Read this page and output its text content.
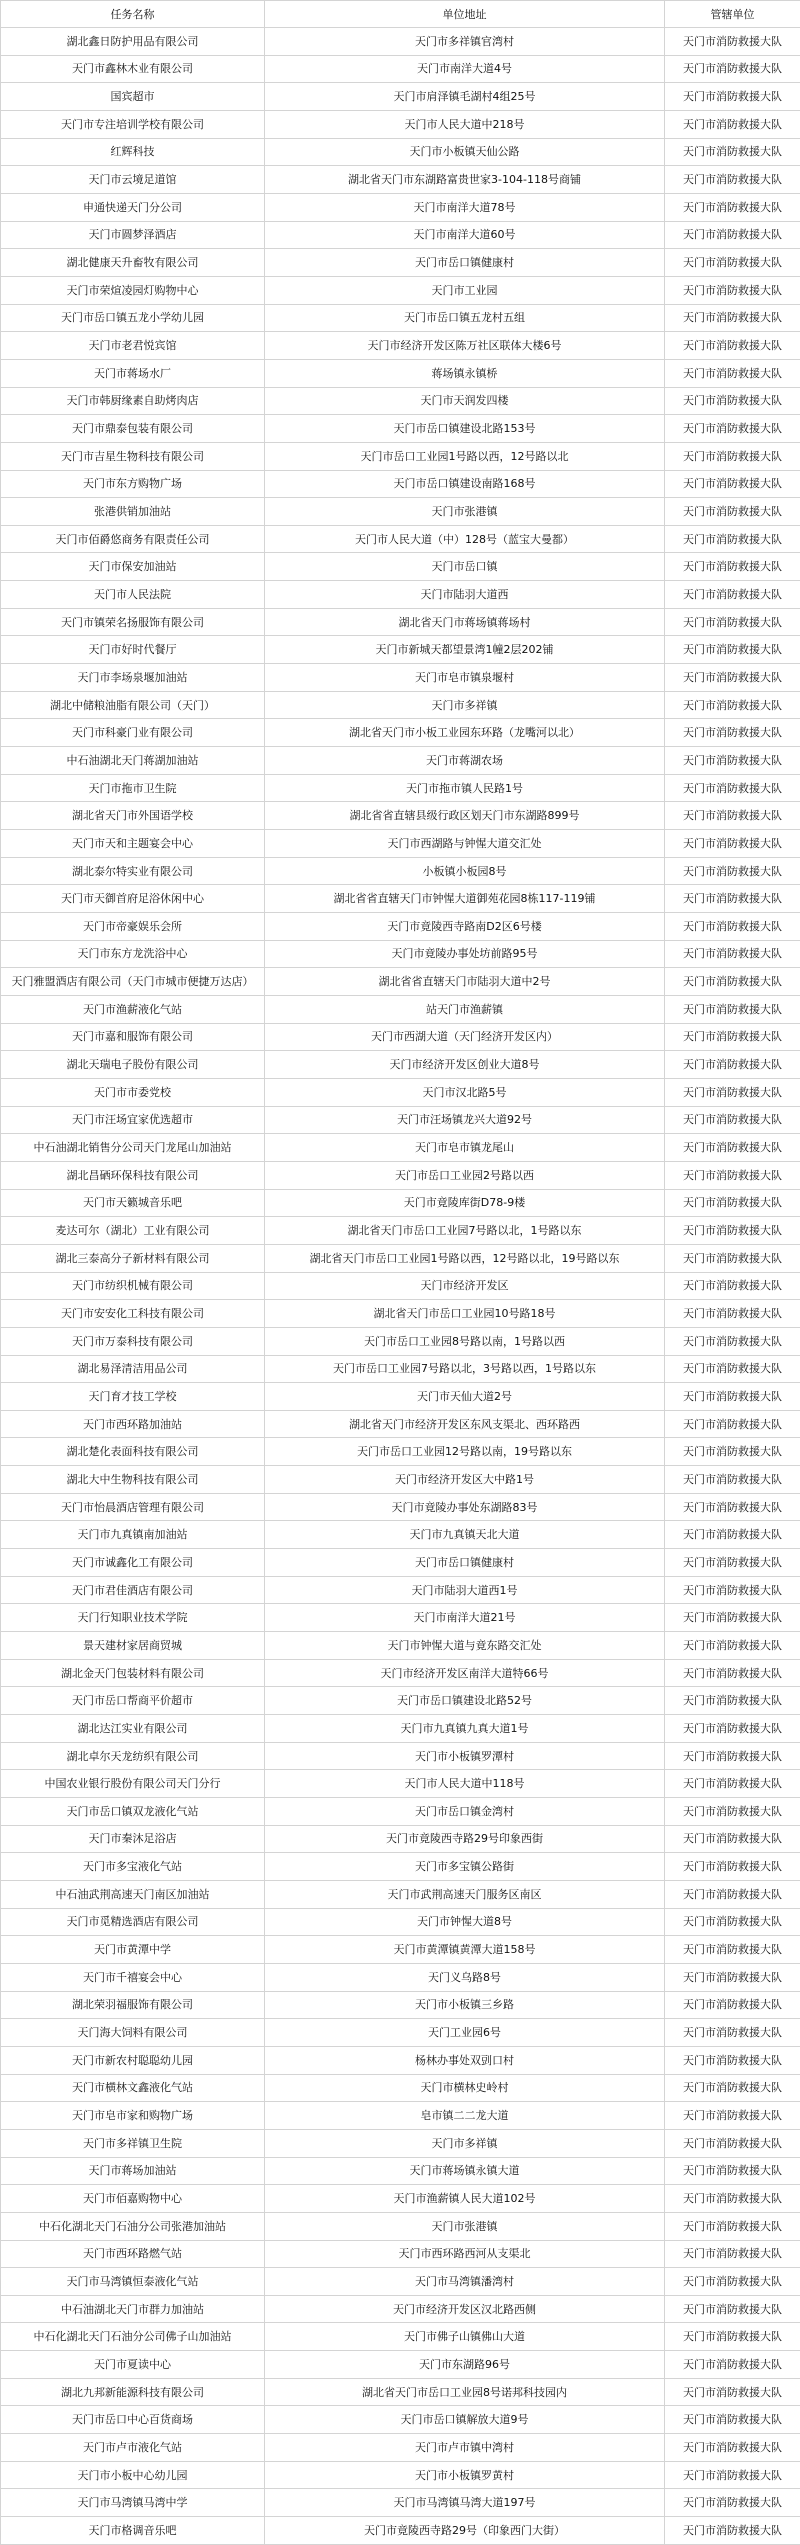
任务名称	单位地址	管辖单位
湖北鑫日防护用品有限公司	天门市多祥镇官湾村	天门市消防救援大队
天门市鑫林木业有限公司	天门市南洋大道4号	天门市消防救援大队
国宾超市	天门市肩泽镇毛湖村4组25号	天门市消防救援大队
天门市专注培训学校有限公司	天门市人民大道中218号	天门市消防救援大队
红辉科技	天门市小板镇天仙公路	天门市消防救援大队
天门市云境足道馆	湖北省天门市东湖路富贵世家3-104-118号商铺	天门市消防救援大队
申通快递天门分公司	天门市南洋大道78号	天门市消防救援大队
天门市圆梦泽酒店	天门市南洋大道60号	天门市消防救援大队
湖北健康天升畜牧有限公司	天门市岳口镇健康村	天门市消防救援大队
天门市荣煊凌园灯购物中心	天门市工业园	天门市消防救援大队
天门市岳口镇五龙小学幼儿园	天门市岳口镇五龙村五组	天门市消防救援大队
天门市老君悦宾馆	天门市经济开发区陈万社区联体大楼6号	天门市消防救援大队
天门市蒋场水厂	蒋场镇永镇桥	天门市消防救援大队
天门市韩厨缘素自助烤肉店	天门市天润发四楼	天门市消防救援大队
天门市鼎泰包装有限公司	天门市岳口镇建设北路153号	天门市消防救援大队
天门市吉星生物科技有限公司	天门市岳口工业园1号路以西，12号路以北	天门市消防救援大队
天门市东方购物广场	天门市岳口镇建设南路168号	天门市消防救援大队
张港供销加油站	天门市张港镇	天门市消防救援大队
天门市佰爵悠商务有限责任公司	天门市人民大道（中）128号（蓝宝大曼都）	天门市消防救援大队
天门市保安加油站	天门市岳口镇	天门市消防救援大队
天门市人民法院	天门市陆羽大道西	天门市消防救援大队
天门市镇荣名扬服饰有限公司	湖北省天门市蒋场镇蒋场村	天门市消防救援大队
天门市好时代餐厅	天门市新城天都望景湾1幢2层202铺	天门市消防救援大队
天门市李场泉堰加油站	天门市皂市镇泉堰村	天门市消防救援大队
湖北中储粮油脂有限公司（天门）	天门市多祥镇	天门市消防救援大队
天门市科豪门业有限公司	湖北省天门市小板工业园东环路（龙嘴河以北）	天门市消防救援大队
中石油湖北天门蒋湖加油站	天门市蒋湖农场	天门市消防救援大队
天门市拖市卫生院	天门市拖市镇人民路1号	天门市消防救援大队
湖北省天门市外国语学校	湖北省省直辖县级行政区划天门市东湖路899号	天门市消防救援大队
天门市天和主题宴会中心	天门市西湖路与钟惺大道交汇处	天门市消防救援大队
湖北泰尔特实业有限公司	小板镇小板园8号	天门市消防救援大队
天门市天御首府足浴休闲中心	湖北省省直辖天门市钟惺大道御苑花园8栋117-119铺	天门市消防救援大队
天门市帝豪娱乐会所	天门市竟陵西寺路南D2区6号楼	天门市消防救援大队
天门市东方龙洗浴中心	天门市竟陵办事处坊前路95号	天门市消防救援大队
天门雅盟酒店有限公司（天门市城市便捷万达店）	湖北省省直辖天门市陆羽大道中2号	天门市消防救援大队
天门市渔薪液化气站	站天门市渔薪镇	天门市消防救援大队
天门市嘉和服饰有限公司	天门市西湖大道（天门经济开发区内）	天门市消防救援大队
湖北天瑞电子股份有限公司	天门市经济开发区创业大道8号	天门市消防救援大队
天门市市委党校	天门市汉北路5号	天门市消防救援大队
天门市汪场宜家优选超市	天门市汪场镇龙兴大道92号	天门市消防救援大队
中石油湖北销售分公司天门龙尾山加油站	天门市皂市镇龙尾山	天门市消防救援大队
湖北昌硒环保科技有限公司	天门市岳口工业园2号路以西	天门市消防救援大队
天门市天籁城音乐吧	天门市竟陵库街D78-9楼	天门市消防救援大队
麦达可尔（湖北）工业有限公司	湖北省天门市岳口工业园7号路以北，1号路以东	天门市消防救援大队
湖北三泰高分子新材料有限公司	湖北省天门市岳口工业园1号路以西，12号路以北，19号路以东	天门市消防救援大队
天门市纺织机械有限公司	天门市经济开发区	天门市消防救援大队
天门市安安化工科技有限公司	湖北省天门市岳口工业园10号路18号	天门市消防救援大队
天门市万泰科技有限公司	天门市岳口工业园8号路以南，1号路以西	天门市消防救援大队
湖北易泽清洁用品公司	天门市岳口工业园7号路以北，3号路以西，1号路以东	天门市消防救援大队
天门育才技工学校	天门市天仙大道2号	天门市消防救援大队
天门市西环路加油站	湖北省天门市经济开发区东风支渠北、西环路西	天门市消防救援大队
湖北楚化表面科技有限公司	天门市岳口工业园12号路以南，19号路以东	天门市消防救援大队
湖北大中生物科技有限公司	天门市经济开发区大中路1号	天门市消防救援大队
天门市怡晨酒店管理有限公司	天门市竟陵办事处东湖路83号	天门市消防救援大队
天门市九真镇南加油站	天门市九真镇天北大道	天门市消防救援大队
天门市诚鑫化工有限公司	天门市岳口镇健康村	天门市消防救援大队
天门市君佳酒店有限公司	天门市陆羽大道西1号	天门市消防救援大队
天门行知职业技术学院	天门市南洋大道21号	天门市消防救援大队
景天建材家居商贸城	天门市钟惺大道与竟东路交汇处	天门市消防救援大队
湖北金天门包装材料有限公司	天门市经济开发区南洋大道特66号	天门市消防救援大队
天门市岳口帮商平价超市	天门市岳口镇建设北路52号	天门市消防救援大队
湖北达江实业有限公司	天门市九真镇九真大道1号	天门市消防救援大队
湖北卓尔天龙纺织有限公司	天门市小板镇罗潭村	天门市消防救援大队
中国农业银行股份有限公司天门分行	天门市人民大道中118号	天门市消防救援大队
天门市岳口镇双龙液化气站	天门市岳口镇金湾村	天门市消防救援大队
天门市秦沐足浴店	天门市竟陵西寺路29号印象西街	天门市消防救援大队
天门市多宝液化气站	天门市多宝镇公路街	天门市消防救援大队
中石油武荆高速天门南区加油站	天门市武荆高速天门服务区南区	天门市消防救援大队
天门市觅精选酒店有限公司	天门市钟惺大道8号	天门市消防救援大队
天门市黄潭中学	天门市黄潭镇黄潭大道158号	天门市消防救援大队
天门市千禧宴会中心	天门义乌路8号	天门市消防救援大队
湖北荣羽福服饰有限公司	天门市小板镇三乡路	天门市消防救援大队
天门海大饲料有限公司	天门工业园6号	天门市消防救援大队
天门市新农村聪聪幼儿园	杨林办事处双剅口村	天门市消防救援大队
天门市横林文鑫液化气站	天门市横林史岭村	天门市消防救援大队
天门市皂市家和购物广场	皂市镇二二龙大道	天门市消防救援大队
天门市多祥镇卫生院	天门市多祥镇	天门市消防救援大队
天门市蒋场加油站	天门市蒋场镇永镇大道	天门市消防救援大队
天门市佰嘉购物中心	天门市渔薪镇人民大道102号	天门市消防救援大队
中石化湖北天门石油分公司张港加油站	天门市张港镇	天门市消防救援大队
天门市西环路燃气站	天门市西环路西河从支渠北	天门市消防救援大队
天门市马湾镇恒泰液化气站	天门市马湾镇潘湾村	天门市消防救援大队
中石油湖北天门市群力加油站	天门市经济开发区汉北路西侧	天门市消防救援大队
中石化湖北天门石油分公司佛子山加油站	天门市佛子山镇佛山大道	天门市消防救援大队
天门市夏读中心	天门市东湖路96号	天门市消防救援大队
湖北九邦新能源科技有限公司	湖北省天门市岳口工业园8号诺邦科技园内	天门市消防救援大队
天门市岳口中心百货商场	天门市岳口镇解放大道9号	天门市消防救援大队
天门市卢市液化气站	天门市卢市镇中湾村	天门市消防救援大队
天门市小板中心幼儿园	天门市小板镇罗黄村	天门市消防救援大队
天门市马湾镇马湾中学	天门市马湾镇马湾大道197号	天门市消防救援大队
天门市格调音乐吧	天门市竟陵西寺路29号（印象西门大街）	天门市消防救援大队
